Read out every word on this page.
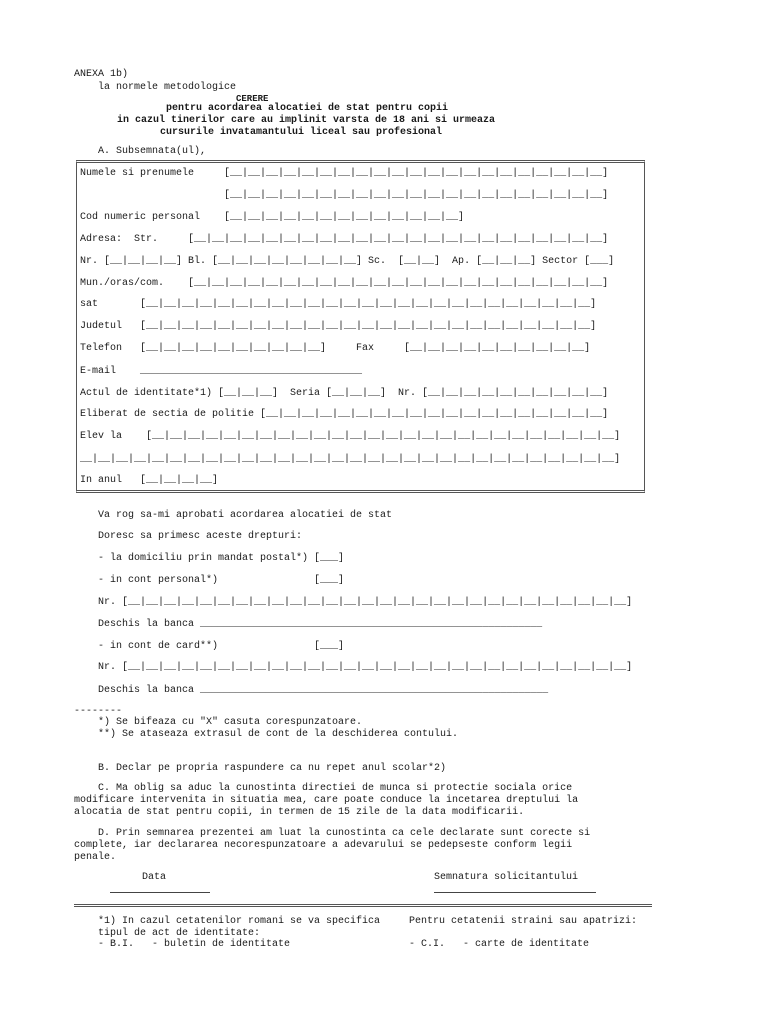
ANEXA 1b)
la normele metodologice
CERERE
pentru acordarea alocatiei de stat pentru copii
in cazul tinerilor care au implinit varsta de 18 ani si urmeaza
cursurile invatamantului liceal sau profesional
A. Subsemnata(ul),
Numele si prenumele     [__|__|__|__|__|__|__|__|__|__|__|__|__|__|__|__|__|__|__|__|__]
[__|__|__|__|__|__|__|__|__|__|__|__|__|__|__|__|__|__|__|__|__]
Cod numeric personal    [__|__|__|__|__|__|__|__|__|__|__|__|__]
Adresa:  Str.     [__|__|__|__|__|__|__|__|__|__|__|__|__|__|__|__|__|__|__|__|__|__|__]
Nr. [__|__|__|__] Bl. [__|__|__|__|__|__|__|__] Sc.  [__|__]  Ap. [__|__|__] Sector [___]
Mun./oras/com.    [__|__|__|__|__|__|__|__|__|__|__|__|__|__|__|__|__|__|__|__|__|__|__]
sat       [__|__|__|__|__|__|__|__|__|__|__|__|__|__|__|__|__|__|__|__|__|__|__|__|__]
Judetul   [__|__|__|__|__|__|__|__|__|__|__|__|__|__|__|__|__|__|__|__|__|__|__|__|__]
Telefon   [__|__|__|__|__|__|__|__|__|__]     Fax     [__|__|__|__|__|__|__|__|__|__]
E-mail    _____________________________________
Actul de identitate*1) [__|__|__]  Seria [__|__|__]  Nr. [__|__|__|__|__|__|__|__|__|__]
Eliberat de sectia de politie [__|__|__|__|__|__|__|__|__|__|__|__|__|__|__|__|__|__|__]
Elev la    [__|__|__|__|__|__|__|__|__|__|__|__|__|__|__|__|__|__|__|__|__|__|__|__|__|__]
__|__|__|__|__|__|__|__|__|__|__|__|__|__|__|__|__|__|__|__|__|__|__|__|__|__|__|__|__|__]
In anul   [__|__|__|__]
Va rog sa-mi aprobati acordarea alocatiei de stat
Doresc sa primesc aceste drepturi:
- la domiciliu prin mandat postal*) [___]
- in cont personal*)                [___]
Nr. [__|__|__|__|__|__|__|__|__|__|__|__|__|__|__|__|__|__|__|__|__|__|__|__|__|__|__|__]
Deschis la banca _________________________________________________________
- in cont de card**)                [___]
Nr. [__|__|__|__|__|__|__|__|__|__|__|__|__|__|__|__|__|__|__|__|__|__|__|__|__|__|__|__]
Deschis la banca __________________________________________________________
--------
*) Se bifeaza cu "X" casuta corespunzatoare.
**) Se ataseaza extrasul de cont de la deschiderea contului.
B. Declar pe propria raspundere ca nu repet anul scolar*2)
C. Ma oblig sa aduc la cunostinta directiei de munca si protectie sociala orice
modificare intervenita in situatia mea, care poate conduce la incetarea dreptului la
alocatia de stat pentru copii, in termen de 15 zile de la data modificarii.
D. Prin semnarea prezentei am luat la cunostinta ca cele declarate sunt corecte si
complete, iar declararea necorespunzatoare a adevarului se pedepseste conform legii
penale.
Data	Semnatura solicitantului
*1) In cazul cetatenilor romani se va specifica
tipul de act de identitate:
- B.I.   - buletin de identitate
Pentru cetatenii straini sau apatrizi:
- C.I.   - carte de identitate
